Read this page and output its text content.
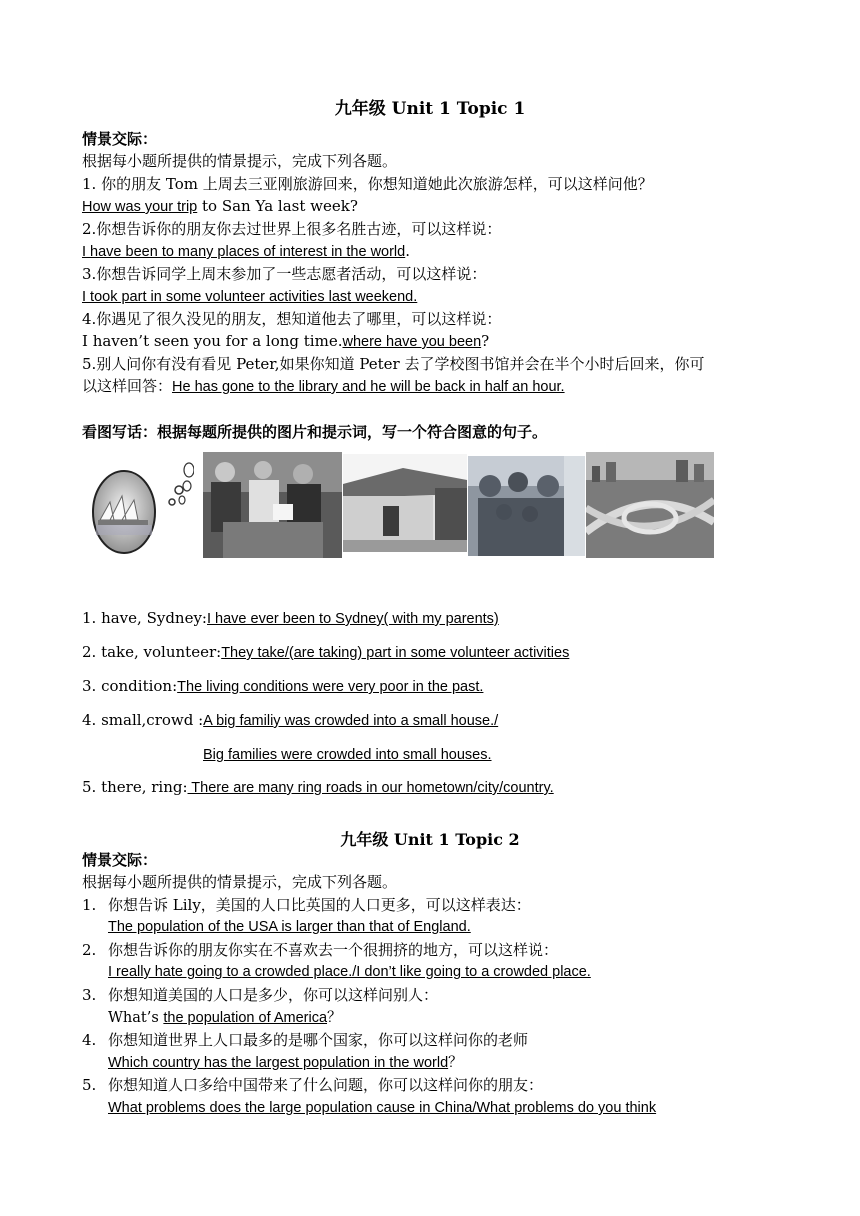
九年级 Unit 1 Topic 1
情景交际：
根据每小题所提供的情景提示，完成下列各题。
1. 你的朋友 Tom 上周去三亚刚旅游回来，你想知道她此次旅游怎样，可以这样问他？
How was your trip to San Ya last week?
2.你想告诉你的朋友你去过世界上很多名胜古迹，可以这样说：
I have been to many places of interest in the world.
3.你想告诉同学上周末参加了一些志愿者活动，可以这样说：
I took part in some volunteer activities last weekend.
4.你遇见了很久没见的朋友，想知道他去了哪里，可以这样说：
I haven’t seen you for a long time.where have you been?
5.别人问你有没有看见 Peter,如果你知道 Peter 去了学校图书馆并会在半个小时后回来，你可
以这样回答：He has gone to the library and he will be back in half an hour.
看图写话：根据每题所提供的图片和提示词，写一个符合图意的句子。
1. have, Sydney:I have ever been to Sydney( with my parents)
2. take, volunteer:They take/(are taking) part in some volunteer activities
3. condition:The living conditions were very poor in the past.
4. small,crowd :A big familiy was crowded into a small house./
Big families were crowded into small houses.
5. there, ring: There are many ring roads in our hometown/city/country.
九年级 Unit 1 Topic 2
情景交际：
根据每小题所提供的情景提示，完成下列各题。
1. 你想告诉 Lily，美国的人口比英国的人口更多，可以这样表达：
The population of the USA is larger than that of England.
2. 你想告诉你的朋友你实在不喜欢去一个很拥挤的地方，可以这样说：
I really hate going to a crowded place./I don’t like going to a crowded place.
3. 你想知道美国的人口是多少，你可以这样问别人：
What’s the population of America？
4. 你想知道世界上人口最多的是哪个国家，你可以这样问你的老师
Which country has the largest population in the world？
5. 你想知道人口多给中国带来了什么问题，你可以这样问你的朋友：
What problems does the large population cause in China/What problems do you think
